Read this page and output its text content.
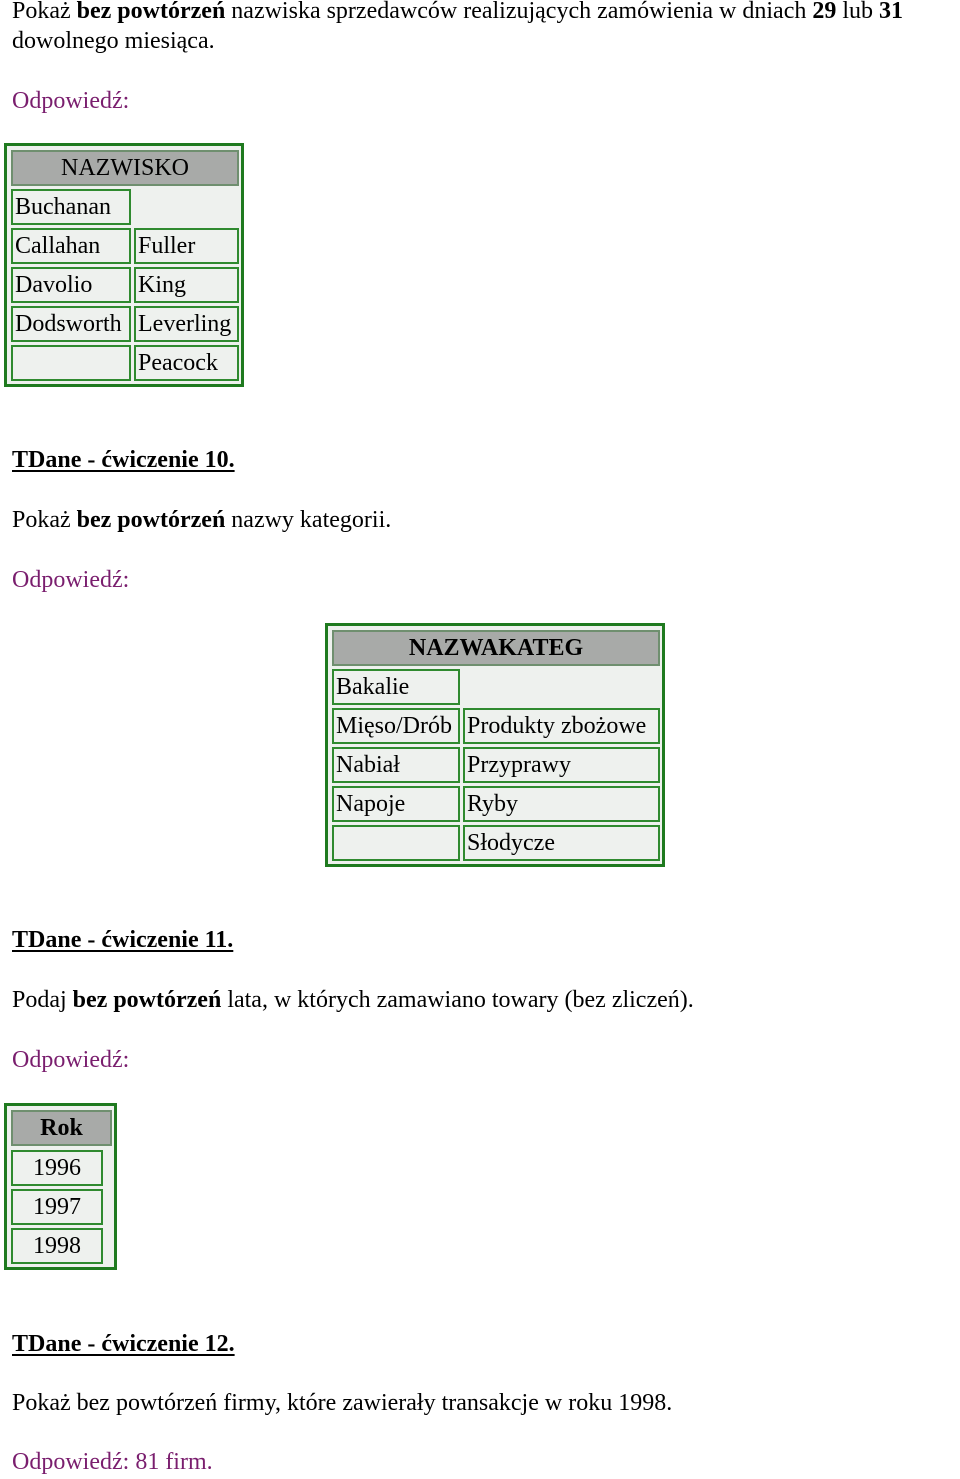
Pokaż bez powtórzeń nazwiska sprzedawców realizujących zamówienia w dniach 29 lub 31
dowolnego miesiąca.
Odpowiedź:
NAZWISKO
Buchanan
Callahan
Davolio
Dodsworth
Fuller
King
Leverling
Peacock
TDane - ćwiczenie 10.
Pokaż bez powtórzeń nazwy kategorii.
Odpowiedź:
NAZWAKATEG
Bakalie
Mięso/Drób
Nabiał
Napoje
Produkty zbożowe
Przyprawy
Ryby
Słodycze
TDane - ćwiczenie 11.
Podaj bez powtórzeń lata, w których zamawiano towary (bez zliczeń).
Odpowiedź:
Rok
1996
1997
1998
TDane - ćwiczenie 12.
Pokaż bez powtórzeń firmy, które zawierały transakcje w roku 1998.
Odpowiedź: 81 firm.
